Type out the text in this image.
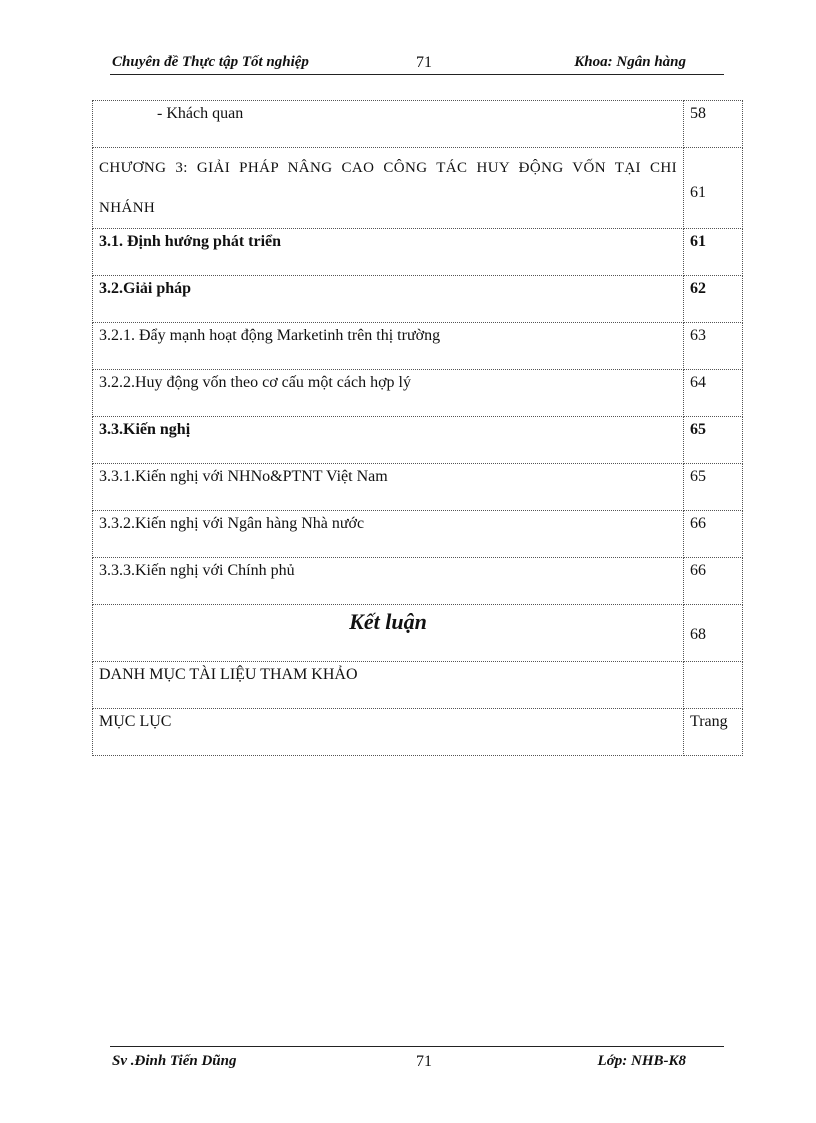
Chuyên đề Thực tập Tốt nghiệp	71	Khoa: Ngân hàng
- Khách quan	58
CHƯƠNG 3: GIẢI PHÁP NÂNG CAO CÔNG TÁC HUY ĐỘNG VỐN TẠI CHI NHÁNH	61
3.1. Định hướng phát triển	61
3.2.Giải pháp	62
3.2.1. Đẩy mạnh hoạt động Marketinh trên thị trường	63
3.2.2.Huy động vốn theo cơ cấu một cách hợp lý	64
3.3.Kiến nghị	65
3.3.1.Kiến nghị với NHNo&PTNT Việt Nam	65
3.3.2.Kiến nghị với Ngân hàng Nhà nước	66
3.3.3.Kiến nghị với Chính phủ	66
Kết luận	68
DANH MỤC TÀI LIỆU THAM KHẢO	
MỤC LỤC	Trang
Sv .Đinh Tiến Dũng	71	Lớp: NHB-K8
